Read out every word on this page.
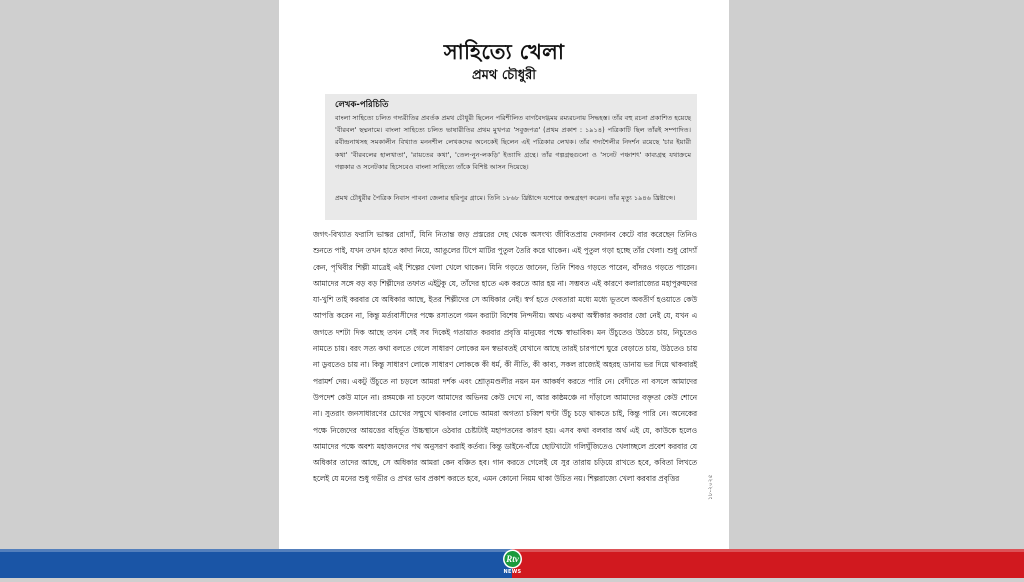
সাহিত্যে খেলা
প্রমথ চৌধুরী
লেখক-পরিচিতি
বাংলা সাহিত্যে চলিত গদ্যরীতির প্রবর্তক প্রমথ চৌধুরী ছিলেন পরিশীলিত বাগবৈদগ্ধময় রম্যরচনায় সিদ্ধহস্ত। তাঁর বহু রচনা প্রকাশিত হয়েছে 'বীরবল' ছদ্মনামে। বাংলা সাহিত্যে চলিত ভাষারীতির প্রথম মুখপত্র 'সবুজপত্র' (প্রথম প্রকাশ : ১৯১৪) পত্রিকাটি ছিল তাঁরই সম্পাদিত। রবীন্দ্রনাথসহ সমকালীন বিখ্যাত মননশীল লেখকদের অনেকেই ছিলেন এই পত্রিকার লেখক। তাঁর গদ্যশৈলীর নিদর্শন রয়েছে 'চার ইয়ারী কথা' 'বীরবলের হালখাতা', 'রায়তের কথা', 'তেল-নুন-লকড়ি' ইত্যাদি গ্রন্থে। তাঁর গল্পগ্রন্থগুলো ও 'সনেট পঞ্চাশৎ' কাব্যগ্রন্থ যথাক্রমে গল্পকার ও সনেটকার হিসেবেও বাংলা সাহিত্যে তাঁকে বিশিষ্ট আসন দিয়েছে।
প্রমথ চৌধুরীর পৈত্রিক নিবাস পাবনা জেলার হরিপুর গ্রামে। তিনি ১৮৬৮ খ্রিষ্টাব্দে যশোরে জন্মগ্রহণ করেন। তাঁর মৃত্যু ১৯৪৬ খ্রিষ্টাব্দে।

জগৎ-বিখ্যাত ফরাসি ভাস্কর রোদ্যাঁ, যিনি নিতান্ত জড় প্রস্তরের দেহ থেকে অসংখ্য জীবিতপ্রায় দেবদানব কেটে বার করেছেন তিনিও শুনতে পাই, যখন তখন হাতে কাদা নিয়ে, আঙুলের টিপে মাটির পুতুল তৈরি করে থাকেন। এই পুতুল গড়া হচ্ছে তাঁর খেলা। শুধু রোদ্যাঁ কেন, পৃথিবীর শিল্পী মাত্রেই এই শিল্পের খেলা খেলে থাকেন। যিনি গড়তে জানেন, তিনি শিবও গড়তে পারেন, বাঁদরও গড়তে পারেন। আমাদের সঙ্গে বড় বড় শিল্পীদের তফাত এইটুকু যে, তাঁদের হাতে এক করতে আর হয় না। সম্ভবত এই কারণে কলারাজ্যের মহাপুরুষদের যা-খুশি তাই করবার যে অধিকার আছে, ইতর শিল্পীদের সে অধিকার নেই। স্বর্গ হতে দেবতারা মধ্যে মধ্যে ভূতলে অবতীর্ণ হওয়াতে কেউ আপত্তি করেন না, কিন্তু মর্ত্যবাসীদের পক্ষে রসাতলে গমন করাটা বিশেষ নিন্দনীয়। অথচ একথা অস্বীকার করবার জো নেই যে, যখন এ জগতে দশটা দিক আছে তখন সেই সব দিকেই গতায়াত করবার প্রবৃত্তি মানুষের পক্ষে স্বাভাবিক। মন উঁচুতেও উঠতে চায়, নিচুতেও নামতে চায়। বরং সত্য কথা বলতে গেলে সাধারণ লোকের মন স্বভাবতই যেখানে আছে তারই চারপাশে ঘুরে বেড়াতে চায়, উঠতেও চায় না ডুবতেও চায় না। কিন্তু সাধারণ লোকে সাধারণ লোককে কী ধর্ম, কী নীতি, কী কাব্য, সকল রাজ্যেই অহরহ ডানায় ভর দিয়ে থাকবারই পরামর্শ দেয়। একটু উঁচুতে না চড়লে আমরা দর্শক এবং শ্রোতৃমণ্ডলীর নয়ন মন আকর্ষণ করতে পারি নে। বেদীতে না বসলে আমাদের উপদেশ কেউ মানে না। রঙ্গমঞ্চে না চড়লে আমাদের অভিনয় কেউ দেখে না, আর কাষ্ঠমঞ্চে না দাঁড়ালে আমাদের বক্তৃতা কেউ শোনে না। সুতরাং জনসাধারণের চোখের সম্মুখে থাকবার লোভে আমরা অগত্যা চব্বিশ ঘণ্টা উঁচু চড়ে থাকতে চাই, কিন্তু পারি নে। অনেকের পক্ষে নিজেদের আয়ত্তের বহির্ভূত উচ্চস্থানে ওঠবার চেষ্টাটাই মহাপতনের কারণ হয়। এসব কথা বলবার অর্থ এই যে, কাউকে হলেও আমাদের পক্ষে অবশ্য মহাজনদের পথ অনুসরণ করাই কর্তব্য। কিন্তু ডাইনে-বাঁয়ে ছোটখাটো গলিঘুঁজিতেও খেলাচ্ছলে প্রবেশ করবার যে অধিকার তাদের আছে, সে অধিকার আমরা কেন বঞ্চিত হব। গান করতে গেলেই যে সুর তারায় চড়িয়ে রাখতে হবে, কবিতা লিখতে হলেই যে মনের শুধু গভীর ও প্রখর ভাব প্রকাশ করতে হবে, এমন কোনো নিয়ম থাকা উচিত নয়। শিল্পরাজ্যে খেলা করবার প্রবৃত্তির	১৮-২০২৫
Rtv
NEWS
